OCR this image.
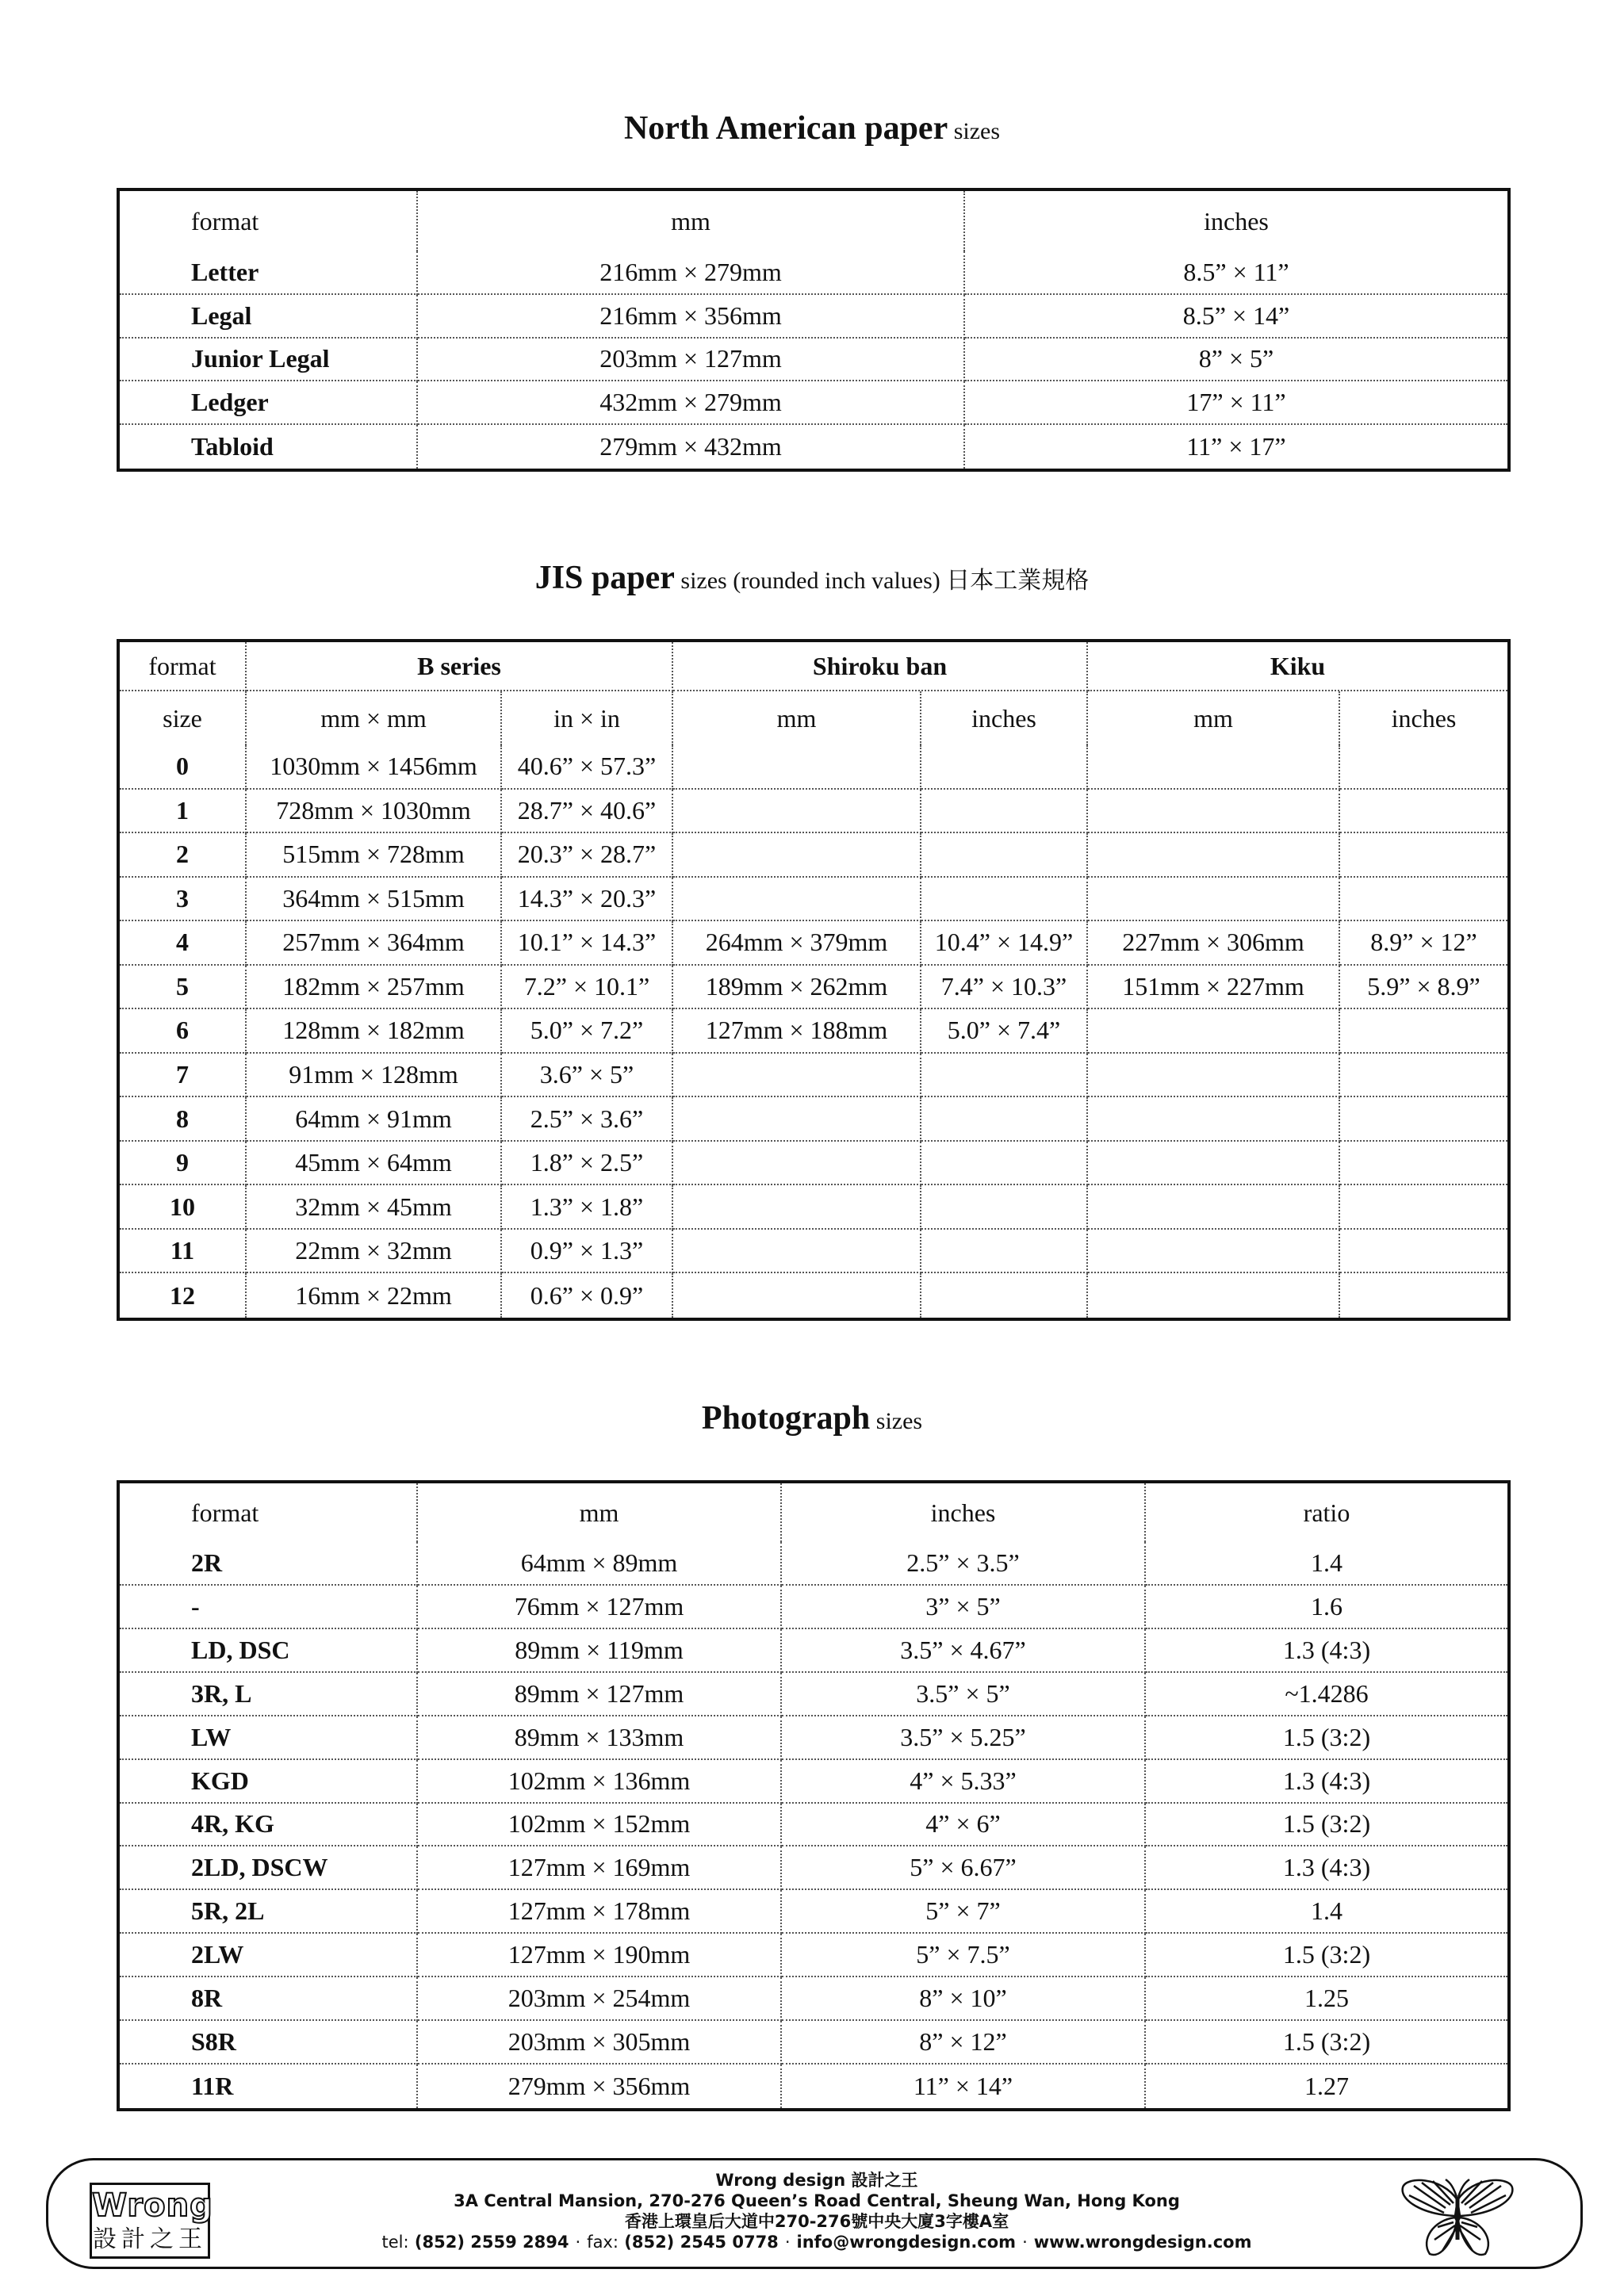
North American paper sizes
format	mm	inches
Letter	216mm × 279mm	8.5” × 11”
Legal	216mm × 356mm	8.5” × 14”
Junior Legal	203mm × 127mm	8” × 5”
Ledger	432mm × 279mm	17” × 11”
Tabloid	279mm × 432mm	11” × 17”
JIS paper sizes (rounded inch values) 日本工業規格
format	B series	Shiroku ban	Kiku
size	mm × mm	in × in	mm	inches	mm	inches
0	1030mm × 1456mm	40.6” × 57.3”
1	728mm × 1030mm	28.7” × 40.6”
2	515mm × 728mm	20.3” × 28.7”
3	364mm × 515mm	14.3” × 20.3”
4	257mm × 364mm	10.1” × 14.3”	264mm × 379mm	10.4” × 14.9”	227mm × 306mm	8.9” × 12”
5	182mm × 257mm	7.2” × 10.1”	189mm × 262mm	7.4” × 10.3”	151mm × 227mm	5.9” × 8.9”
6	128mm × 182mm	5.0” × 7.2”	127mm × 188mm	5.0” × 7.4”
7	91mm × 128mm	3.6” × 5”
8	64mm × 91mm	2.5” × 3.6”
9	45mm × 64mm	1.8” × 2.5”
10	32mm × 45mm	1.3” × 1.8”
11	22mm × 32mm	0.9” × 1.3”
12	16mm × 22mm	0.6” × 0.9”
Photograph sizes
format	mm	inches	ratio
2R	64mm × 89mm	2.5” × 3.5”	1.4
-	76mm × 127mm	3” × 5”	1.6
LD, DSC	89mm × 119mm	3.5” × 4.67”	1.3 (4:3)
3R, L	89mm × 127mm	3.5” × 5”	~1.4286
LW	89mm × 133mm	3.5” × 5.25”	1.5 (3:2)
KGD	102mm × 136mm	4” × 5.33”	1.3 (4:3)
4R, KG	102mm × 152mm	4” × 6”	1.5 (3:2)
2LD, DSCW	127mm × 169mm	5” × 6.67”	1.3 (4:3)
5R, 2L	127mm × 178mm	5” × 7”	1.4
2LW	127mm × 190mm	5” × 7.5”	1.5 (3:2)
8R	203mm × 254mm	8” × 10”	1.25
S8R	203mm × 305mm	8” × 12”	1.5 (3:2)
11R	279mm × 356mm	11” × 14”	1.27
Wrong
設計之王
Wrong design 設計之王
3A Central Mansion, 270-276 Queen’s Road Central, Sheung Wan, Hong Kong
香港上環皇后大道中270-276號中央大廈3字樓A室
tel: (852) 2559 2894 · fax: (852) 2545 0778 · info@wrongdesign.com · www.wrongdesign.com
